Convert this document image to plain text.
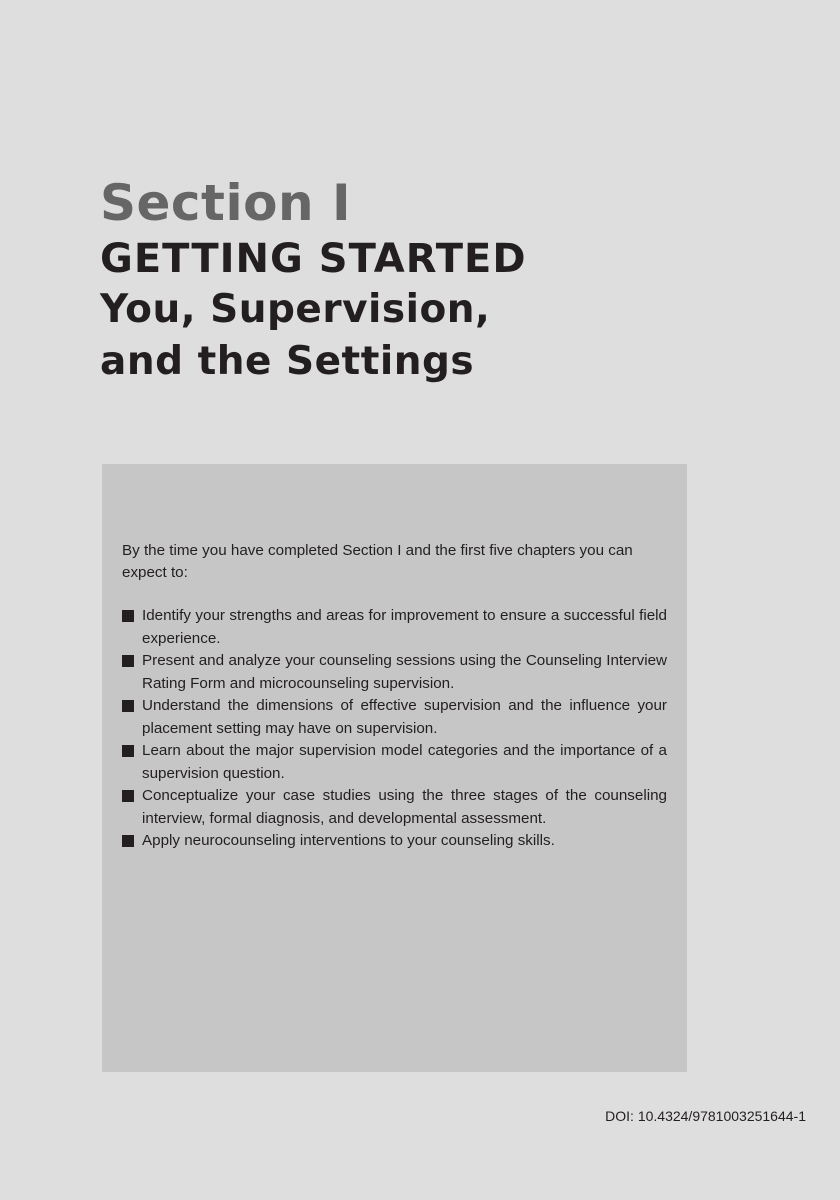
Section I
GETTING STARTED
You, Supervision,
and the Settings

By the time you have completed Section I and the first five chapters you can expect to:

Identify your strengths and areas for improvement to ensure a successful field experience.
Present and analyze your counseling sessions using the Counseling Interview Rating Form and microcounseling supervision.
Understand the dimensions of effective supervision and the influence your placement setting may have on supervision.
Learn about the major supervision model categories and the importance of a supervision question.
Conceptualize your case studies using the three stages of the counseling interview, formal diagnosis, and developmental assessment.
Apply neurocounseling interventions to your counseling skills.
DOI: 10.4324/9781003251644-1
